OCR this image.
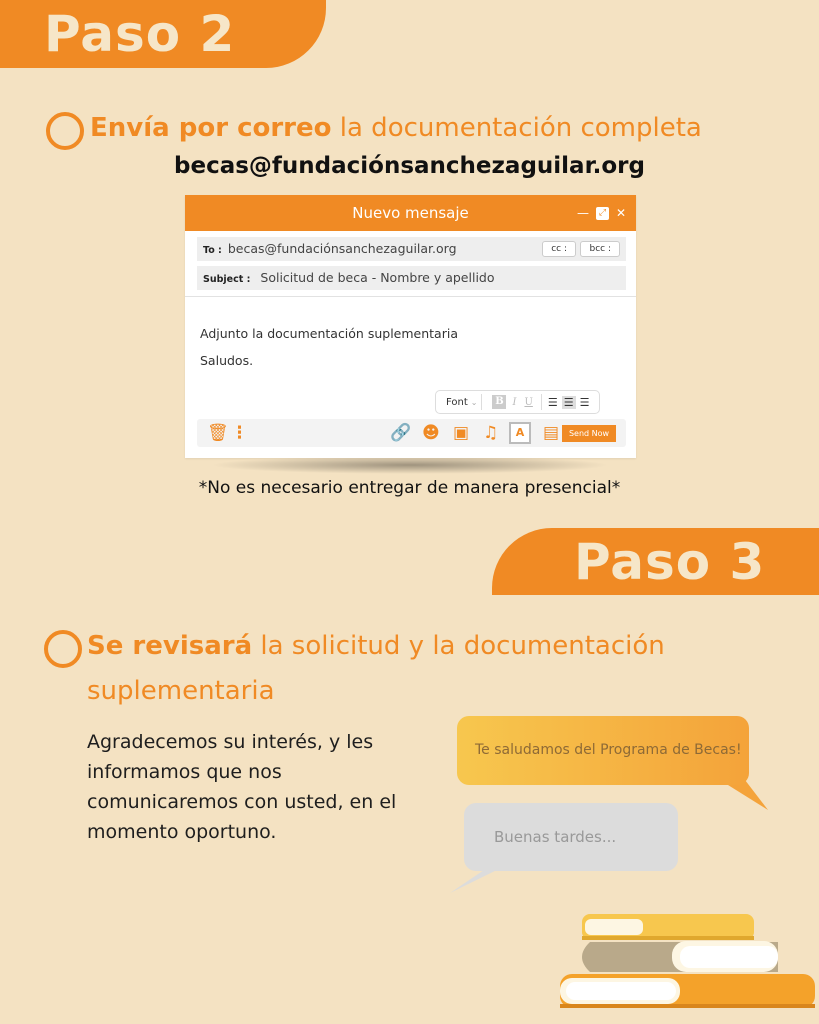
Paso 2
Envía por correo la documentación completa
becas@fundaciónsanchezaguilar.org
Nuevo mensaje	—	⤢ ✕
To : becas@fundaciónsanchezaguilar.org	cc :	bcc :
Subject : Solicitud de beca - Nombre y apellido
Adjunto la documentación suplementaria
Saludos.
Font ⌄ B I U ☰ ☰ ☰
🗑 ⋮	🔗 ☻ ▣ ♫	A	▤	Send Now
*No es necesario entregar de manera presencial*
Paso 3
Se revisará la solicitud y la documentación
suplementaria
Agradecemos su interés, y les informamos que nos comunicaremos con usted, en el momento oportuno.
Te saludamos del Programa de Becas!
Buenas tardes...
